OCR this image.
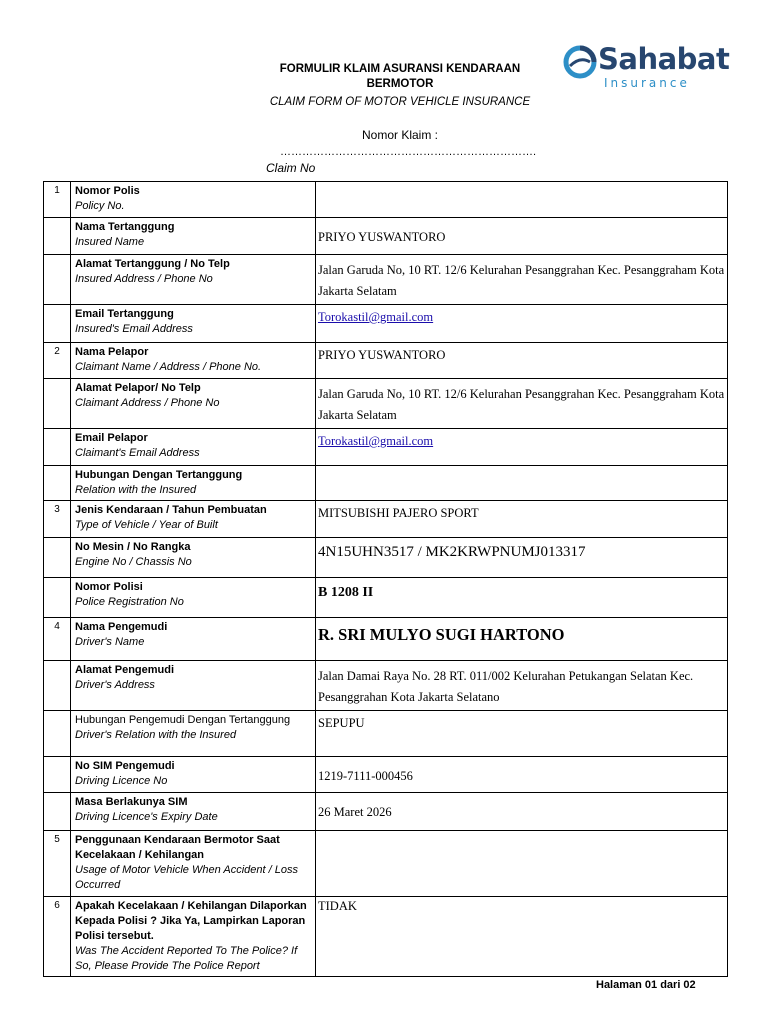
FORMULIR KLAIM ASURANSI KENDARAAN
BERMOTOR
CLAIM FORM OF MOTOR VEHICLE INSURANCE
Nomor Klaim :
…………………………………………………………….
Claim No
Sahabat
Insurance
1	Nomor Polis
Policy No.	

	Nama Tertanggung
Insured Name	PRIYO YUSWANTORO

	Alamat Tertanggung / No Telp
Insured Address / Phone No	Jalan Garuda No, 10 RT. 12/6 Kelurahan Pesanggrahan Kec. Pesanggraham Kota Jakarta Selatam

	Email Tertanggung
Insured's Email Address	Torokastil@gmail.com

2	Nama Pelapor
Claimant Name / Address / Phone No.	PRIYO YUSWANTORO

	Alamat Pelapor/ No Telp
Claimant Address / Phone No	Jalan Garuda No, 10 RT. 12/6 Kelurahan Pesanggrahan Kec. Pesanggraham Kota Jakarta Selatam

	Email Pelapor
Claimant's Email Address	Torokastil@gmail.com

	Hubungan Dengan Tertanggung
Relation with the Insured	

3	Jenis Kendaraan / Tahun Pembuatan
Type of Vehicle / Year of Built	MITSUBISHI PAJERO SPORT

	No Mesin / No Rangka
Engine No / Chassis No	4N15UHN3517 / MK2KRWPNUMJ013317

	Nomor Polisi
Police Registration No	B 1208 II

4	Nama Pengemudi
Driver's Name	R. SRI MULYO SUGI HARTONO

	Alamat Pengemudi
Driver's Address	Jalan Damai Raya No. 28 RT. 011/002 Kelurahan Petukangan Selatan Kec. Pesanggrahan Kota Jakarta Selatano

	Hubungan Pengemudi Dengan Tertanggung
Driver's Relation with the Insured	SEPUPU

	No SIM Pengemudi
Driving Licence No	1219-7111-000456

	Masa Berlakunya SIM
Driving Licence's Expiry Date	26 Maret 2026

5	Penggunaan Kendaraan Bermotor Saat Kecelakaan / Kehilangan
Usage of Motor Vehicle When Accident / Loss Occurred	

6	Apakah Kecelakaan / Kehilangan Dilaporkan Kepada Polisi ? Jika Ya, Lampirkan Laporan Polisi tersebut.
Was The Accident Reported To The Police? If So, Please Provide The Police Report	TIDAK
Halaman 01 dari 02
